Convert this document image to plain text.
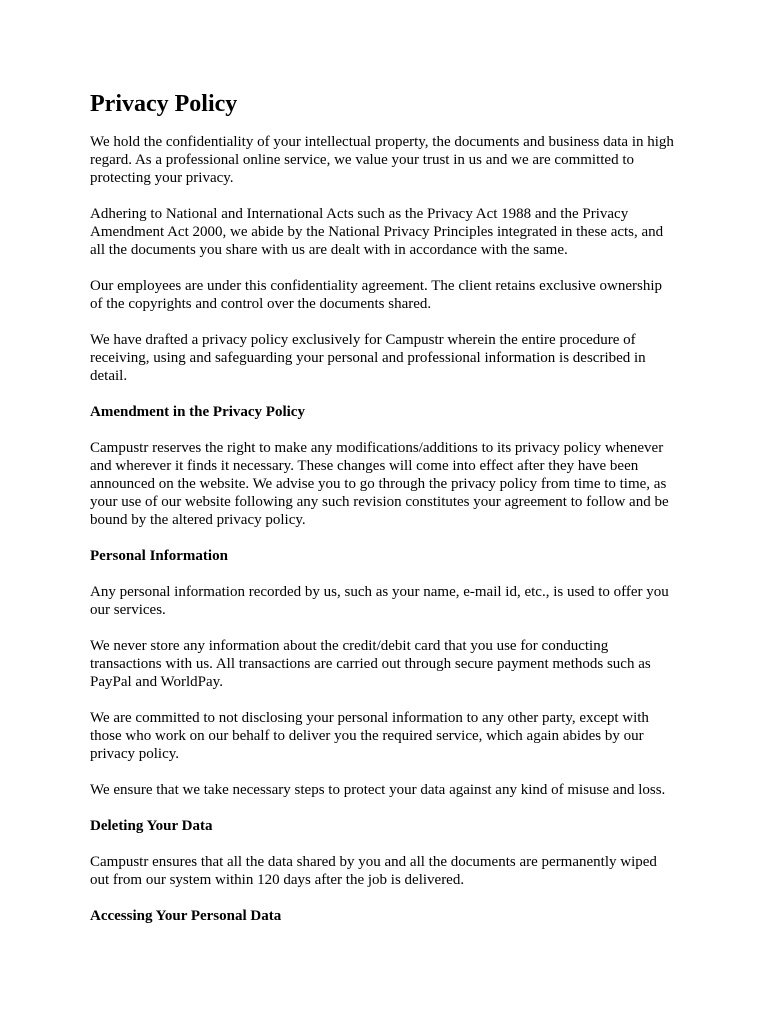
Privacy Policy

We hold the confidentiality of your intellectual property, the documents and business data in high regard. As a professional online service, we value your trust in us and we are committed to protecting your privacy.

Adhering to National and International Acts such as the Privacy Act 1988 and the Privacy Amendment Act 2000, we abide by the National Privacy Principles integrated in these acts, and all the documents you share with us are dealt with in accordance with the same.

Our employees are under this confidentiality agreement. The client retains exclusive ownership of the copyrights and control over the documents shared.

We have drafted a privacy policy exclusively for Campustr wherein the entire procedure of receiving, using and safeguarding your personal and professional information is described in detail.

Amendment in the Privacy Policy

Campustr reserves the right to make any modifications/additions to its privacy policy whenever and wherever it finds it necessary. These changes will come into effect after they have been announced on the website. We advise you to go through the privacy policy from time to time, as your use of our website following any such revision constitutes your agreement to follow and be bound by the altered privacy policy.

Personal Information

Any personal information recorded by us, such as your name, e-mail id, etc., is used to offer you our services.

We never store any information about the credit/debit card that you use for conducting transactions with us. All transactions are carried out through secure payment methods such as PayPal and WorldPay.

We are committed to not disclosing your personal information to any other party, except with those who work on our behalf to deliver you the required service, which again abides by our privacy policy.

We ensure that we take necessary steps to protect your data against any kind of misuse and loss.

Deleting Your Data

Campustr ensures that all the data shared by you and all the documents are permanently wiped out from our system within 120 days after the job is delivered.

Accessing Your Personal Data
